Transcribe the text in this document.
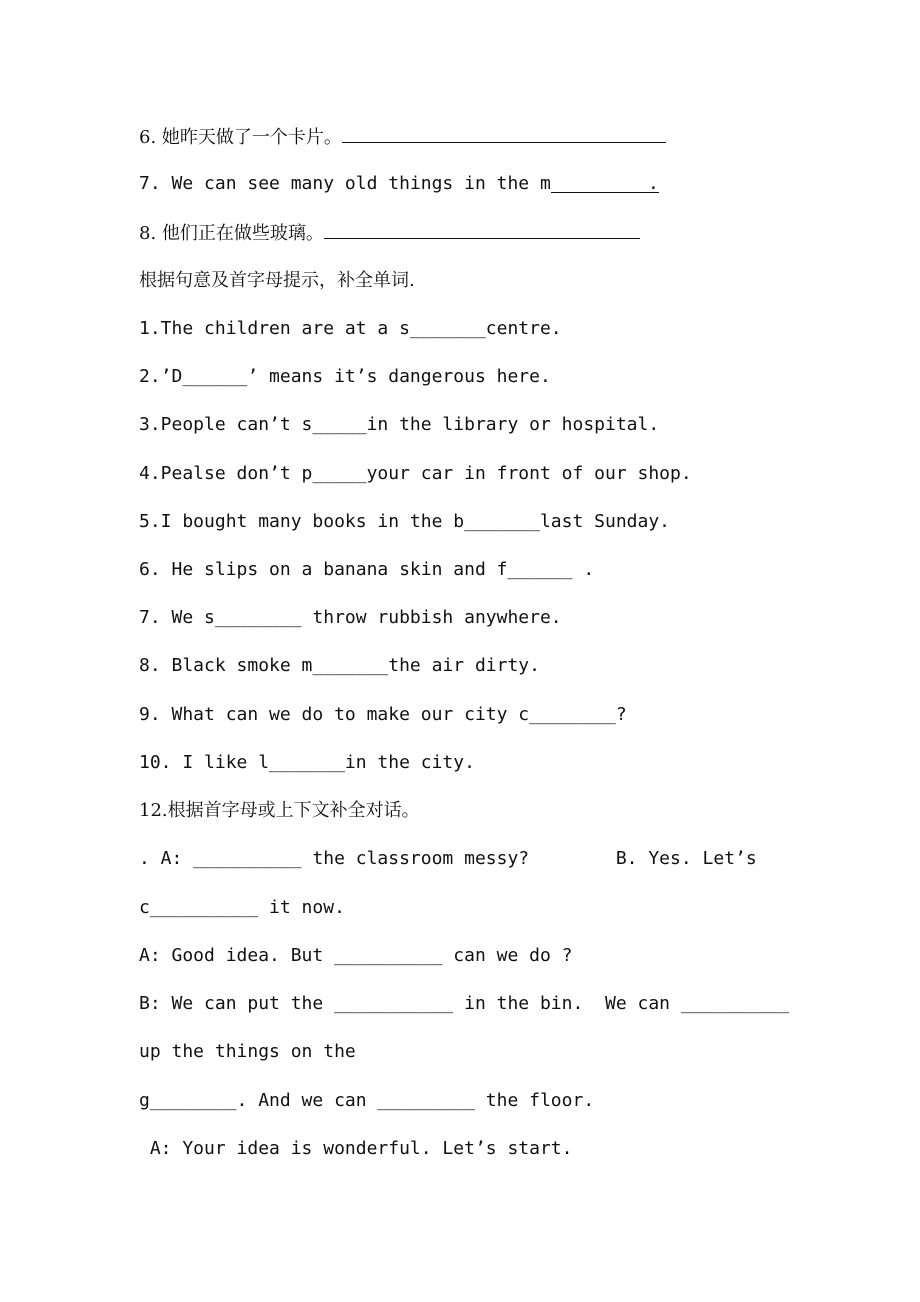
6. 她昨天做了一个卡片。
7. We can see many old things in the m	.
8. 他们正在做些玻璃。
根据句意及首字母提示，补全单词.
1.The children are at a s_______centre.
2.’D______’ means it’s dangerous here.
3.People can’t s_____in the library or hospital.
4.Pealse don’t p_____your car in front of our shop.
5.I bought many books in the b_______last Sunday.
6. He slips on a banana skin and f______ .
7. We s________ throw rubbish anywhere.
8. Black smoke m_______the air dirty.
9. What can we do to make our city c________?
10. I like l_______in the city.
12.根据首字母或上下文补全对话。
. A: __________ the classroom messy?        B. Yes. Let’s
c__________ it now.
A: Good idea. But __________ can we do ?
B: We can put the ___________ in the bin.  We can __________
up the things on the
g________. And we can _________ the floor.
A: Your idea is wonderful. Let’s start.
